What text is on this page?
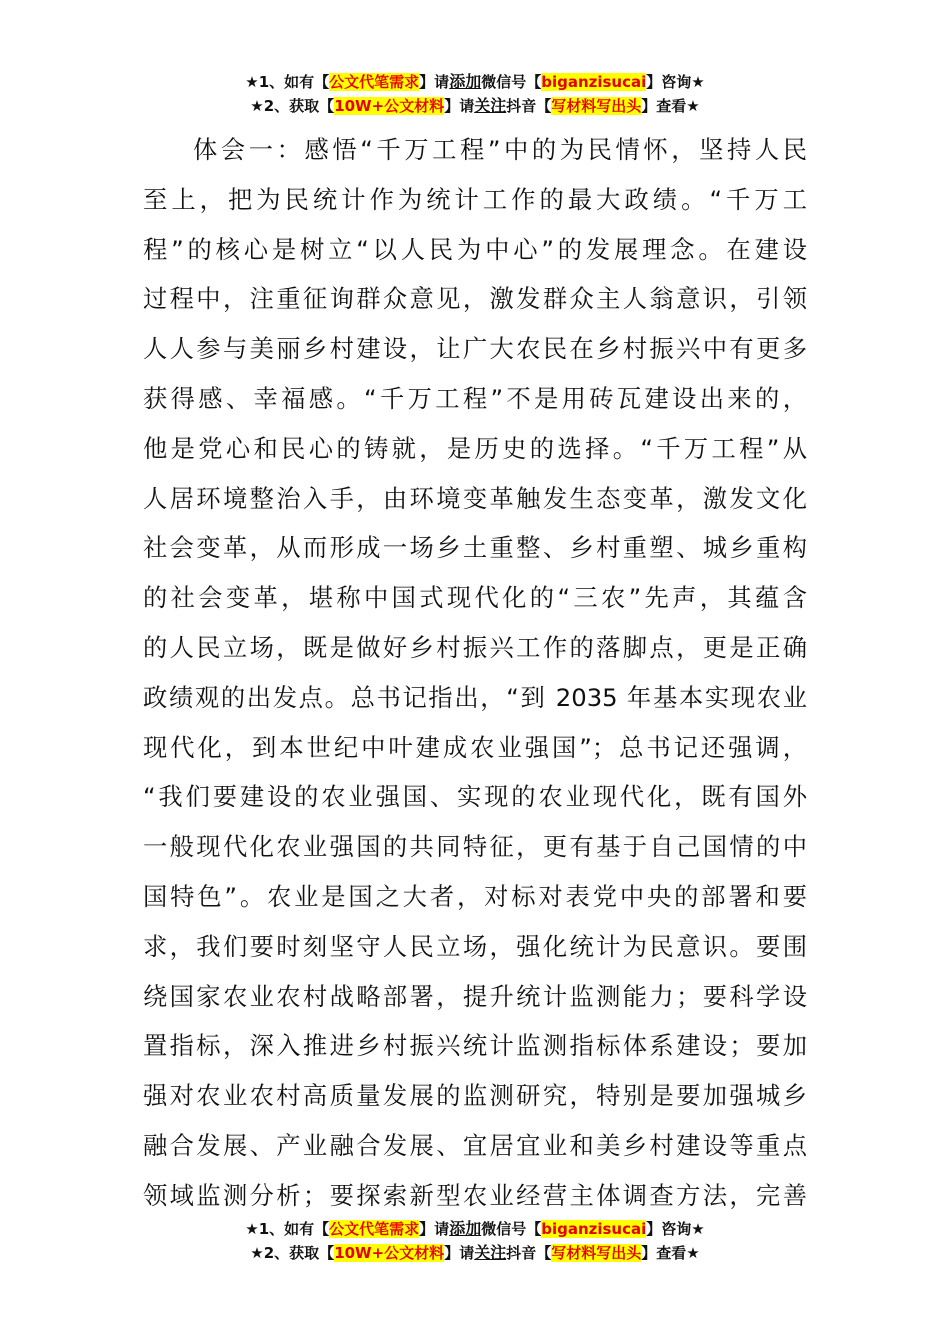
★1、如有【公文代笔需求】请添加微信号【biganzisucai】咨询★
★2、获取【10W+公文材料】请关注抖音【写材料写出头】查看★
体会一：感悟“千万工程”中的为民情怀，坚持人民
至上，把为民统计作为统计工作的最大政绩。“千万工
程”的核心是树立“以人民为中心”的发展理念。在建设
过程中，注重征询群众意见，激发群众主人翁意识，引领
人人参与美丽乡村建设，让广大农民在乡村振兴中有更多
获得感、幸福感。“千万工程”不是用砖瓦建设出来的，
他是党心和民心的铸就，是历史的选择。“千万工程”从
人居环境整治入手，由环境变革触发生态变革，激发文化
社会变革，从而形成一场乡土重整、乡村重塑、城乡重构
的社会变革，堪称中国式现代化的“三农”先声，其蕴含
的人民立场，既是做好乡村振兴工作的落脚点，更是正确
政绩观的出发点。总书记指出，“到 2035 年基本实现农业
现代化，到本世纪中叶建成农业强国”；总书记还强调，
“我们要建设的农业强国、实现的农业现代化，既有国外
一般现代化农业强国的共同特征，更有基于自己国情的中
国特色”。农业是国之大者，对标对表党中央的部署和要
求，我们要时刻坚守人民立场，强化统计为民意识。要围
绕国家农业农村战略部署，提升统计监测能力；要科学设
置指标，深入推进乡村振兴统计监测指标体系建设；要加
强对农业农村高质量发展的监测研究，特别是要加强城乡
融合发展、产业融合发展、宜居宜业和美乡村建设等重点
领域监测分析；要探索新型农业经营主体调查方法，完善
★1、如有【公文代笔需求】请添加微信号【biganzisucai】咨询★
★2、获取【10W+公文材料】请关注抖音【写材料写出头】查看★
